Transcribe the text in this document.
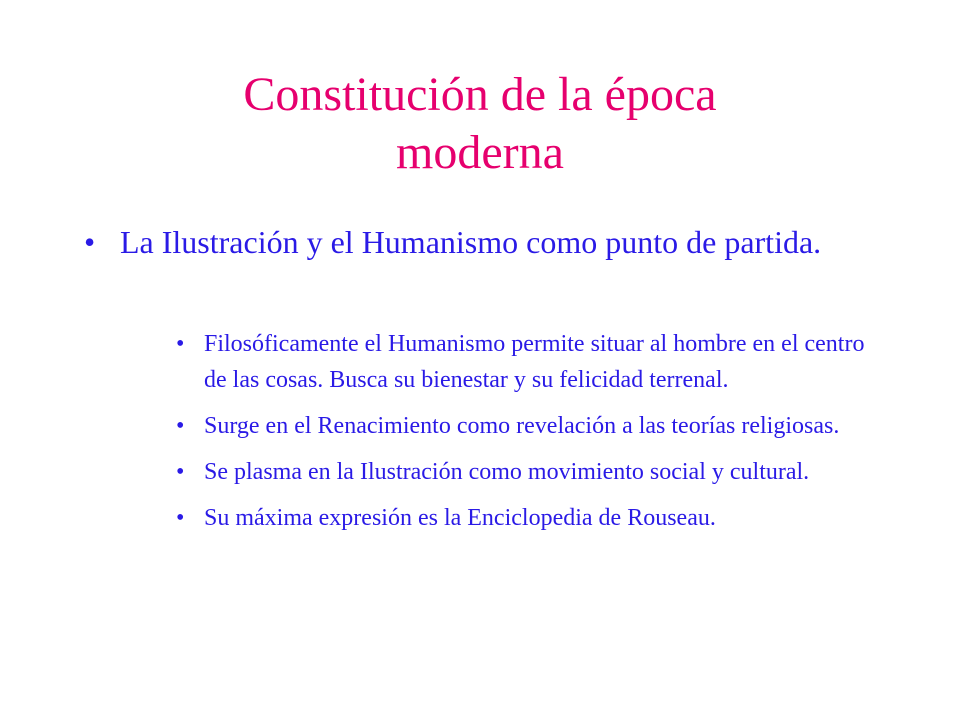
Constitución de la época
moderna
• La Ilustración y el Humanismo como punto de partida.
• Filosóficamente el Humanismo permite situar al hombre en el centro de las cosas. Busca su bienestar y su felicidad terrenal.
• Surge en el Renacimiento como revelación a las teorías religiosas.
• Se plasma en la Ilustración como movimiento social y cultural.
• Su máxima expresión es la Enciclopedia de Rouseau.
